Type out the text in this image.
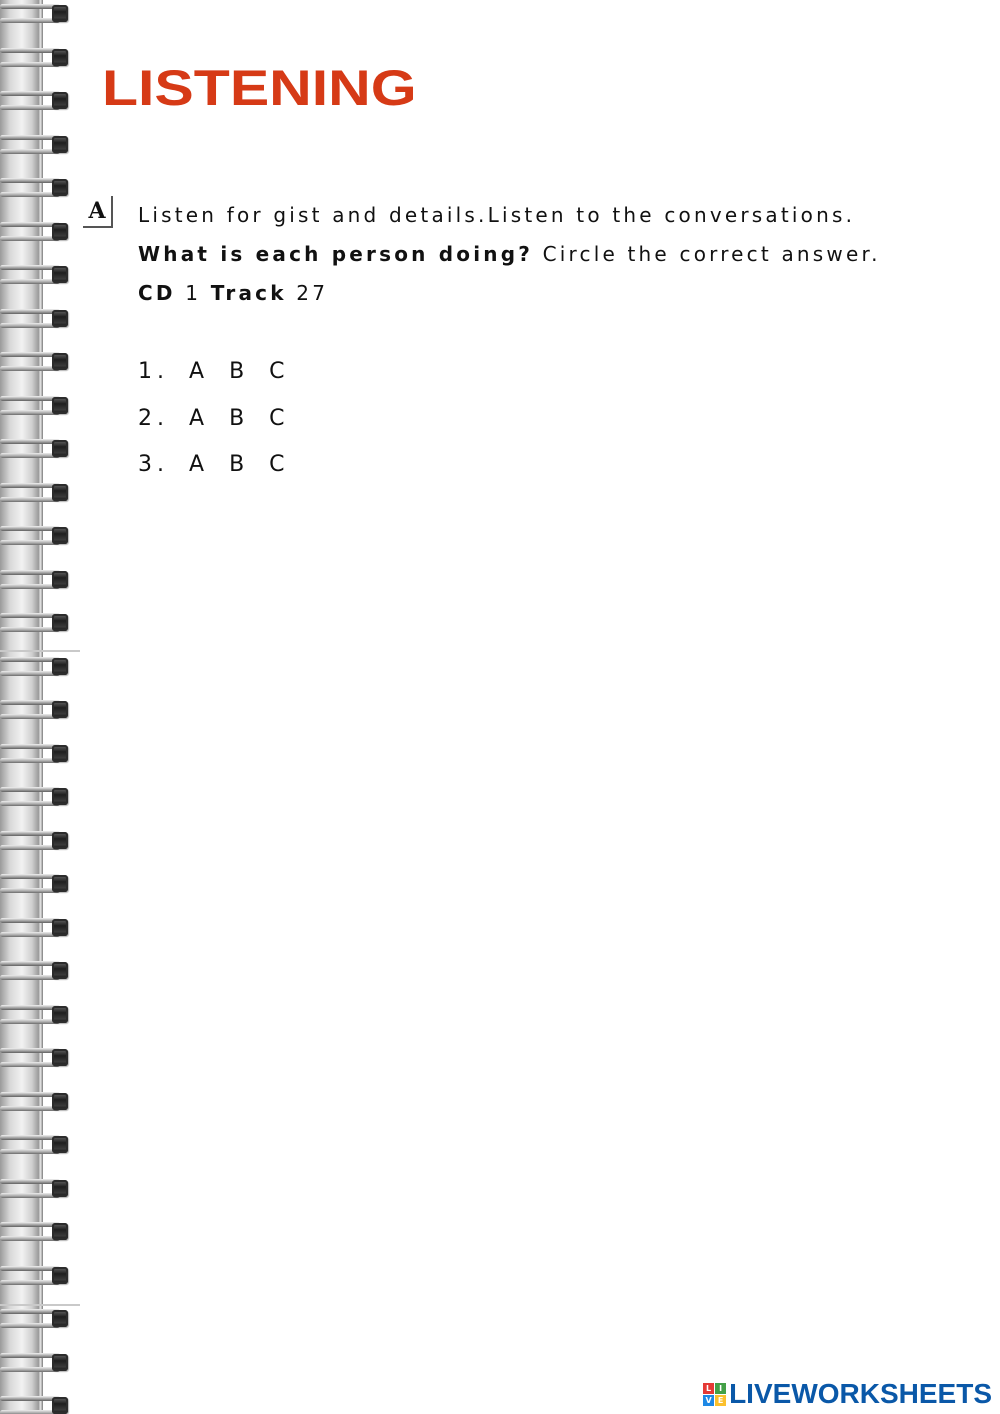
LISTENING
A	Listen for gist and details.Listen to the conversations.
What is each person doing? Circle the correct answer.
CD 1 Track 27
1. A B C
2. A B C
3. A B C
L I
V E LIVEWORKSHEETS
